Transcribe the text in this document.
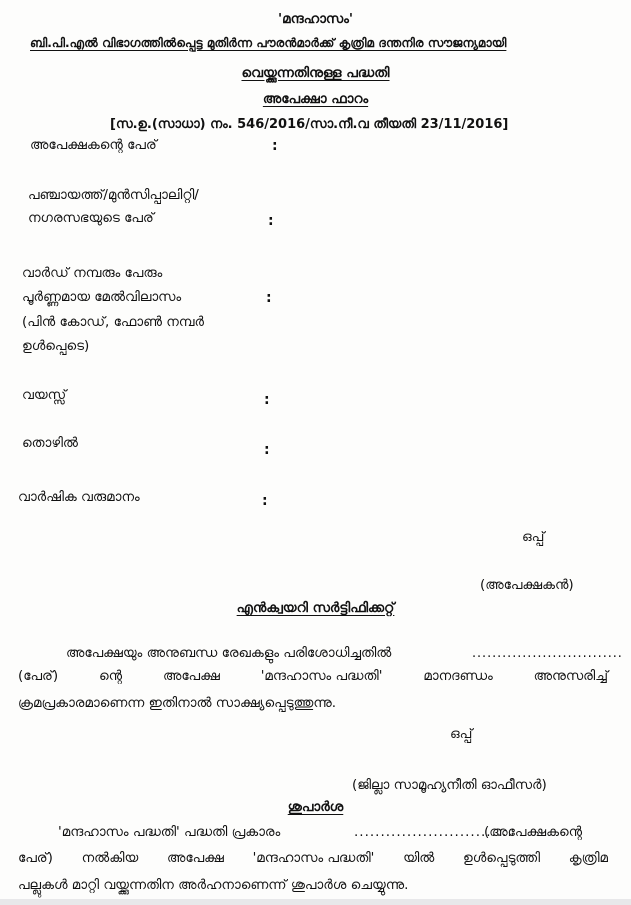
'മന്ദഹാസം'
ബി.പി.എൽ വിഭാഗത്തിൽപ്പെട്ട മുതിർന്ന പൗരൻമാർക്ക് കൃത്രിമ ദന്തനിര സൗജന്യമായി
വെയ്ക്കുന്നതിനുള്ള പദ്ധതി
അപേക്ഷാ ഫാറം
[സ.ഉ.(സാധാ) നം. 546/2016/സാ.നീ.വ തീയതി 23/11/2016]
അപേക്ഷകന്റെ പേര്	:
പഞ്ചായത്ത്/മുൻസിപ്പാലിറ്റി/
നഗരസഭയുടെ പേര്	:
വാർഡ് നമ്പരും പേരും
പൂർണ്ണമായ മേൽവിലാസം	:
(പിൻ കോഡ്, ഫോൺ നമ്പർ
ഉൾപ്പെടെ)
വയസ്സ്	:
തൊഴിൽ	:
വാർഷിക വരുമാനം	:
ഒപ്പ്
(അപേക്ഷകൻ)
എൻക്വയറി സർട്ടിഫിക്കറ്റ്
അപേക്ഷയും അനുബന്ധ രേഖകളും പരിശോധിച്ചതിൽ	..............................
(പേര്)	ന്റെ	അപേക്ഷ	'മന്ദഹാസം പദ്ധതി'	മാനദണ്ഡം	അനുസരിച്ച്
ക്രമപ്രകാരമാണെന്ന ഇതിനാൽ സാക്ഷ്യപ്പെടുത്തുന്നു.
ഒപ്പ്
(ജില്ലാ സാമൂഹ്യനീതി ഓഫീസർ)
ശുപാർശ
'മന്ദഹാസം പദ്ധതി' പദ്ധതി പ്രകാരം	..............................
(അപേക്ഷകന്റെ
പേര്) നൽകിയ അപേക്ഷ 'മന്ദഹാസം പദ്ധതി' യിൽ ഉൾപ്പെടുത്തി കൃത്രിമ
പല്ലുകൾ മാറ്റി വയ്ക്കുന്നതിന അർഹനാണെന്ന് ശുപാർശ ചെയ്യുന്നു.
